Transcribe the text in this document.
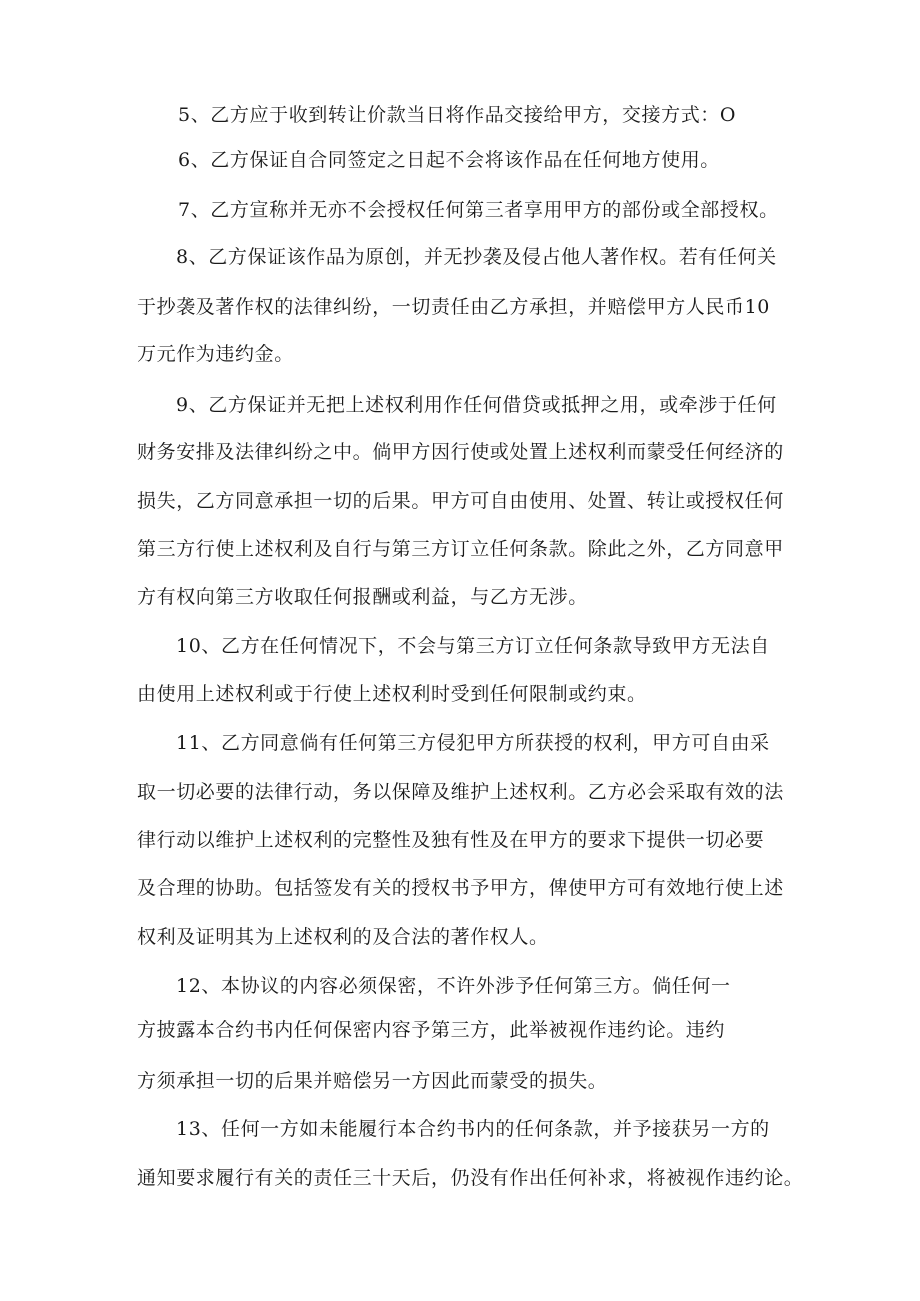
5、乙方应于收到转让价款当日将作品交接给甲方，交接方式：O
6、乙方保证自合同签定之日起不会将该作品在任何地方使用。
7、乙方宣称并无亦不会授权任何第三者享用甲方的部份或全部授权。
8、乙方保证该作品为原创，并无抄袭及侵占他人著作权。若有任何关
于抄袭及著作权的法律纠纷，一切责任由乙方承担，并赔偿甲方人民币10
万元作为违约金。
9、乙方保证并无把上述权利用作任何借贷或抵押之用，或牵涉于任何
财务安排及法律纠纷之中。倘甲方因行使或处置上述权利而蒙受任何经济的
损失，乙方同意承担一切的后果。甲方可自由使用、处置、转让或授权任何
第三方行使上述权利及自行与第三方订立任何条款。除此之外，乙方同意甲
方有权向第三方收取任何报酬或利益，与乙方无涉。
10、乙方在任何情况下，不会与第三方订立任何条款导致甲方无法自
由使用上述权利或于行使上述权利时受到任何限制或约束。
11、乙方同意倘有任何第三方侵犯甲方所获授的权利，甲方可自由采
取一切必要的法律行动，务以保障及维护上述权利。乙方必会采取有效的法
律行动以维护上述权利的完整性及独有性及在甲方的要求下提供一切必要
及合理的协助。包括签发有关的授权书予甲方，俾使甲方可有效地行使上述
权利及证明其为上述权利的及合法的著作权人。
12、本协议的内容必须保密，不许外涉予任何第三方。倘任何一
方披露本合约书内任何保密内容予第三方，此举被视作违约论。违约
方须承担一切的后果并赔偿另一方因此而蒙受的损失。
13、任何一方如未能履行本合约书内的任何条款，并予接获另一方的
通知要求履行有关的责任三十天后，仍没有作出任何补求，将被视作违约论。
